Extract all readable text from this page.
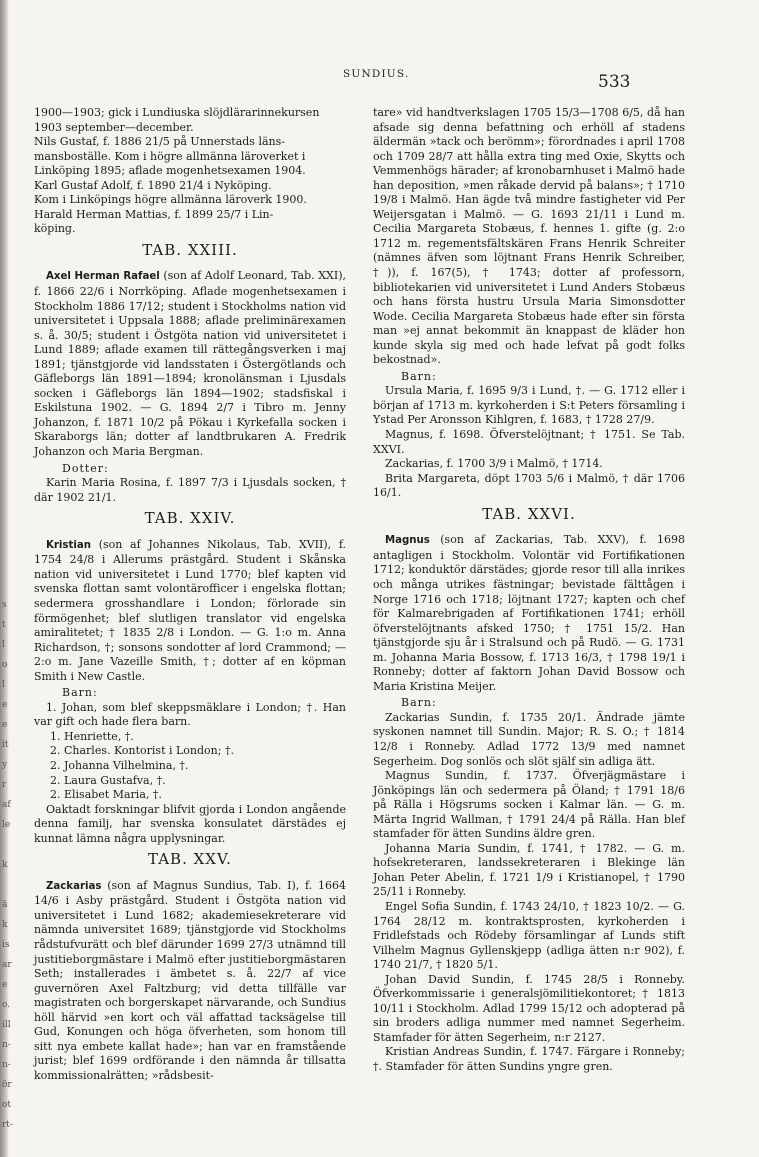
s
t
l
o
l
e
e
it
y
r
af
le
k
ä
k
is
ar
e
o.
ill
n-
n-
ör
ot
rt-
SUNDIUS.	533

1900—1903; gick i Lundiuska slöjdlärarinnekursen

1903 september—december.

Nils Gustaf, f. 1886 21/5 på Unnerstads läns-

mansboställe. Kom i högre allmänna läroverket i

Linköping 1895; aflade mogenhetsexamen 1904.

Karl Gustaf Adolf, f. 1890 21/4 i Nyköping.

Kom i Linköpings högre allmänna läroverk 1900.

Harald Herman Mattias, f. 1899 25/7 i Lin-

köping.

TAB. XXIII.

Axel Herman Rafael (son af Adolf Leonard, Tab. XXI), f. 1866 22/6 i Norrköping. Aflade mogenhetsexamen i Stockholm 1886 17/12; student i Stockholms nation vid universitetet i Uppsala 1888; aflade preliminärexamen s. å. 30/5; student i Östgöta nation vid universitetet i Lund 1889; aflade examen till rättegångsverken i maj 1891; tjänstgjorde vid landsstaten i Östergötlands och Gäfleborgs län 1891—1894; kronolänsman i Ljusdals socken i Gäfleborgs län 1894—1902; stadsfiskal i Eskilstuna 1902. — G. 1894 2/7 i Tibro m. Jenny Johanzon, f. 1871 10/2 på Pökau i Kyrkefalla socken i Skaraborgs län; dotter af landtbrukaren A. Fredrik Johanzon och Maria Bergman.

Dotter:

Karin Maria Rosina, f. 1897 7/3 i Ljusdals socken, † där 1902 21/1.

TAB. XXIV.

Kristian (son af Johannes Nikolaus, Tab. XVII), f. 1754 24/8 i Allerums prästgård. Student i Skånska nation vid universitetet i Lund 1770; blef kapten vid svenska flottan samt volontärofficer i engelska flottan; sedermera grosshandlare i London; förlorade sin förmögenhet; blef slutligen translator vid engelska amiralitetet; † 1835 2/8 i London. — G. 1:o m. Anna Richardson, †; sonsons sondotter af lord Crammond; — 2:o m. Jane Vazeille Smith, †; dotter af en köpman Smith i New Castle.

Barn:

1. Johan, som blef skeppsmäklare i London; †. Han var gift och hade flera barn.

1. Henriette, †.

2. Charles. Kontorist i London; †.

2. Johanna Vilhelmina, †.

2. Laura Gustafva, †.

2. Elisabet Maria, †.

Oaktadt forskningar blifvit gjorda i London angående denna familj, har svenska konsulatet därstädes ej kunnat lämna några upplysningar.

TAB. XXV.

Zackarias (son af Magnus Sundius, Tab. I), f. 1664 14/6 i Asby prästgård. Student i Östgöta nation vid universitetet i Lund 1682; akademiesekreterare vid nämnda universitet 1689; tjänstgjorde vid Stockholms rådstufvurätt och blef därunder 1699 27/3 utnämnd till justitieborgmästare i Malmö efter justitieborgmästaren Seth; installerades i ämbetet s. å. 22/7 af vice guvernören Axel Faltzburg; vid detta tillfälle var magistraten och borgerskapet närvarande, och Sundius höll härvid »en kort och väl affattad tacksägelse till Gud, Konungen och höga öfverheten, som honom till sitt nya embete kallat hade»; han var en framstående jurist; blef 1699 ordförande i den nämnda år tillsatta kommissionalrätten; »rådsbesit-

tare» vid handtverkslagen 1705 15/3—1708 6/5, då han afsade sig denna befattning och erhöll af stadens äldermän »tack och berömm»; förordnades i april 1708 och 1709 28/7 att hålla extra ting med Oxie, Skytts och Vemmenhögs härader; af kronobarnhuset i Malmö hade han deposition, »men råkade dervid på balans»; † 1710 19/8 i Malmö. Han ägde två mindre fastigheter vid Per Weijersgatan i Malmö. — G. 1693 21/11 i Lund m. Cecilia Margareta Stobæus, f. hennes 1. gifte (g. 2:o 1712 m. regementsfältskären Frans Henrik Schreiter (nämnes äfven som löjtnant Frans Henrik Schreiber, †)), f. 167(5), † 1743; dotter af professorn, bibliotekarien vid universitetet i Lund Anders Stobæus och hans första hustru Ursula Maria Simonsdotter Wode. Cecilia Margareta Stobæus hade efter sin första man »ej annat bekommit än knappast de kläder hon kunde skyla sig med och hade lefvat på godt folks bekostnad».

Barn:

Ursula Maria, f. 1695 9/3 i Lund, †. — G. 1712 eller i början af 1713 m. kyrkoherden i S:t Peters församling i Ystad Per Aronsson Kihlgren, f. 1683, † 1728 27/9.

Magnus, f. 1698. Öfverstelöjtnant; † 1751. Se Tab. XXVI.

Zackarias, f. 1700 3/9 i Malmö, † 1714.

Brita Margareta, döpt 1703 5/6 i Malmö, † där 1706 16/1.

TAB. XXVI.

Magnus (son af Zackarias, Tab. XXV), f. 1698 antagligen i Stockholm. Volontär vid Fortifikationen 1712; konduktör därstädes; gjorde resor till alla inrikes och många utrikes fästningar; bevistade fälttågen i Norge 1716 och 1718; löjtnant 1727; kapten och chef för Kalmarebrigaden af Fortifikationen 1741; erhöll öfverstelöjtnants afsked 1750; † 1751 15/2. Han tjänstgjorde sju år i Stralsund och på Rudö. — G. 1731 m. Johanna Maria Bossow, f. 1713 16/3, † 1798 19/1 i Ronneby; dotter af faktorn Johan David Bossow och Maria Kristina Meijer.

Barn:

Zackarias Sundin, f. 1735 20/1. Ändrade jämte syskonen namnet till Sundin. Major; R. S. O.; † 1814 12/8 i Ronneby. Adlad 1772 13/9 med namnet Segerheim. Dog sonlös och slöt själf sin adliga ätt.

Magnus Sundin, f. 1737. Öfverjägmästare i Jönköpings län och sedermera på Öland; † 1791 18/6 på Rälla i Högsrums socken i Kalmar län. — G. m. Märta Ingrid Wallman, † 1791 24/4 på Rälla. Han blef stamfader för ätten Sundins äldre gren.

Johanna Maria Sundin, f. 1741, † 1782. — G. m. hofsekreteraren, landssekreteraren i Blekinge län Johan Peter Abelin, f. 1721 1/9 i Kristianopel, † 1790 25/11 i Ronneby.

Engel Sofia Sundin, f. 1743 24/10, † 1823 10/2. — G. 1764 28/12 m. kontraktsprosten, kyrkoherden i Fridlefstads och Rödeby församlingar af Lunds stift Vilhelm Magnus Gyllenskjepp (adliga ätten n:r 902), f. 1740 21/7, † 1820 5/1.

Johan David Sundin, f. 1745 28/5 i Ronneby. Öfverkommissarie i generalsjömilitiekontoret; † 1813 10/11 i Stockholm. Adlad 1799 15/12 och adopterad på sin broders adliga nummer med namnet Segerheim. Stamfader för ätten Segerheim, n:r 2127.

Kristian Andreas Sundin, f. 1747. Färgare i Ronneby; †. Stamfader för ätten Sundins yngre gren.
